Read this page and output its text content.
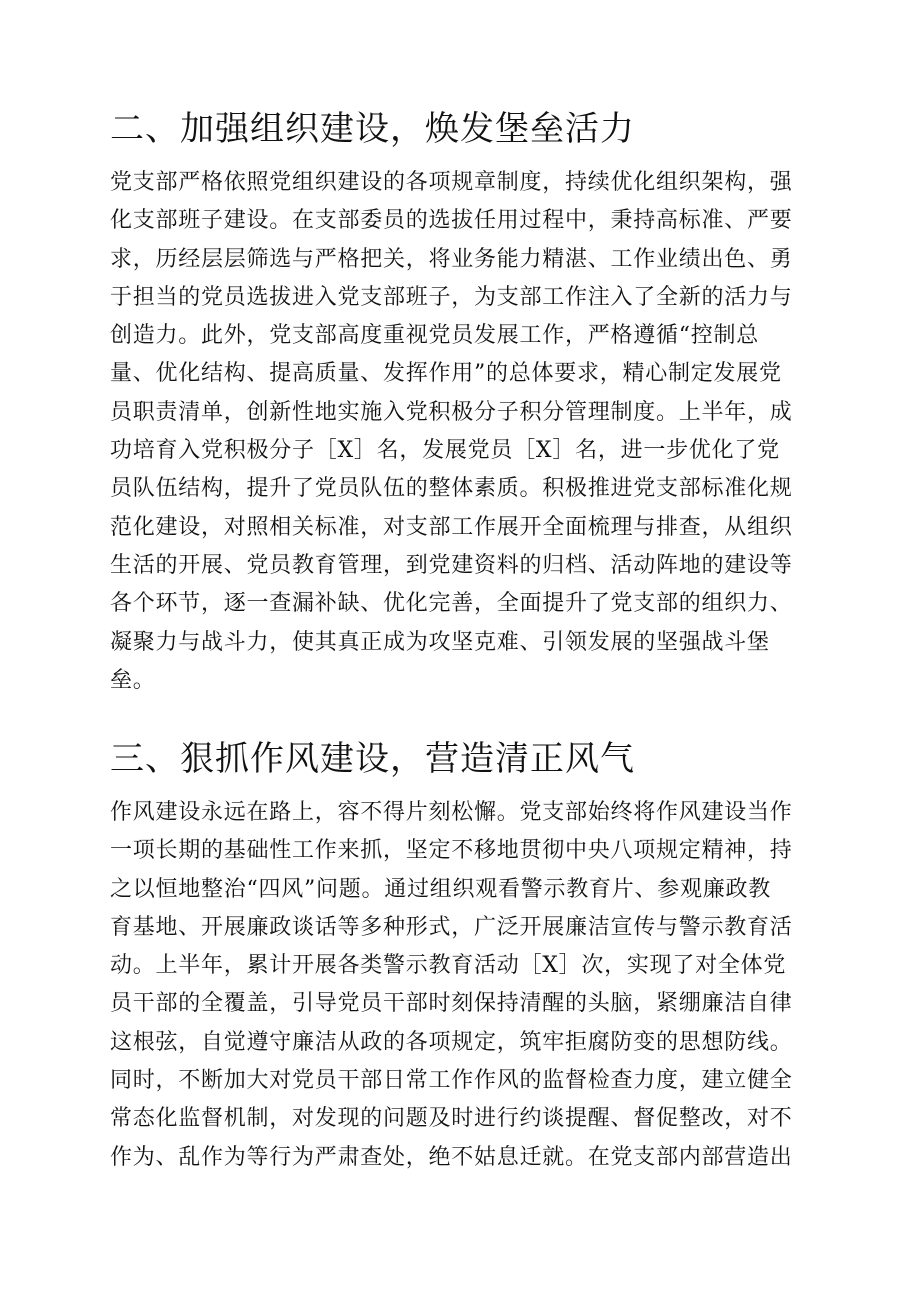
二、加强组织建设，焕发堡垒活力
党支部严格依照党组织建设的各项规章制度，持续优化组织架构，强
化支部班子建设。在支部委员的选拔任用过程中，秉持高标准、严要
求，历经层层筛选与严格把关，将业务能力精湛、工作业绩出色、勇
于担当的党员选拔进入党支部班子，为支部工作注入了全新的活力与
创造力。此外，党支部高度重视党员发展工作，严格遵循“控制总
量、优化结构、提高质量、发挥作用”的总体要求，精心制定发展党
员职责清单，创新性地实施入党积极分子积分管理制度。上半年，成
功培育入党积极分子［X］名，发展党员［X］名，进一步优化了党
员队伍结构，提升了党员队伍的整体素质。积极推进党支部标准化规
范化建设，对照相关标准，对支部工作展开全面梳理与排查，从组织
生活的开展、党员教育管理，到党建资料的归档、活动阵地的建设等
各个环节，逐一查漏补缺、优化完善，全面提升了党支部的组织力、
凝聚力与战斗力，使其真正成为攻坚克难、引领发展的坚强战斗堡
垒。
三、狠抓作风建设，营造清正风气
作风建设永远在路上，容不得片刻松懈。党支部始终将作风建设当作
一项长期的基础性工作来抓，坚定不移地贯彻中央八项规定精神，持
之以恒地整治“四风”问题。通过组织观看警示教育片、参观廉政教
育基地、开展廉政谈话等多种形式，广泛开展廉洁宣传与警示教育活
动。上半年，累计开展各类警示教育活动［X］次，实现了对全体党
员干部的全覆盖，引导党员干部时刻保持清醒的头脑，紧绷廉洁自律
这根弦，自觉遵守廉洁从政的各项规定，筑牢拒腐防变的思想防线。
同时，不断加大对党员干部日常工作作风的监督检查力度，建立健全
常态化监督机制，对发现的问题及时进行约谈提醒、督促整改，对不
作为、乱作为等行为严肃查处，绝不姑息迁就。在党支部内部营造出
